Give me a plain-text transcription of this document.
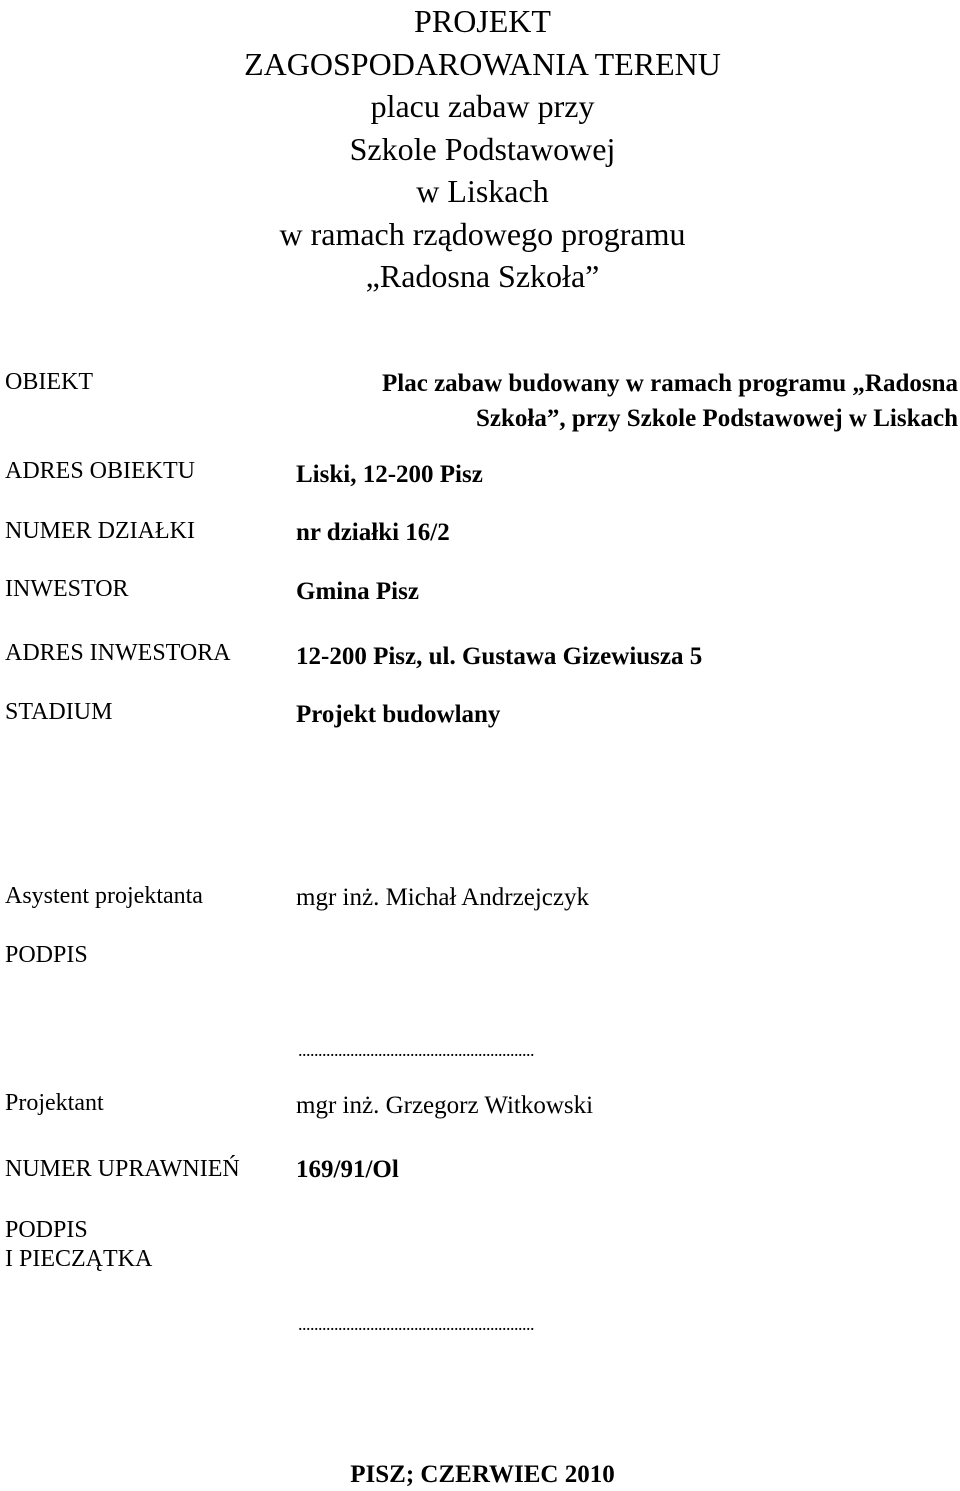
PROJEKT
ZAGOSPODAROWANIA TERENU
placu zabaw przy
Szkole Podstawowej
w Liskach
w ramach rządowego programu
„Radosna Szkoła”
OBIEKT	Plac zabaw budowany w ramach programu „Radosna
Szkoła”, przy Szkole Podstawowej w Liskach
ADRES OBIEKTU	Liski, 12-200 Pisz
NUMER DZIAŁKI	nr działki 16/2
INWESTOR	Gmina Pisz
ADRES INWESTORA	12-200 Pisz, ul. Gustawa Gizewiusza 5
STADIUM	Projekt budowlany
Asystent projektanta	mgr inż. Michał Andrzejczyk
PODPIS
...........................................................
Projektant	mgr inż. Grzegorz Witkowski
NUMER UPRAWNIEŃ 169/91/Ol
PODPIS
I PIECZĄTKA
...........................................................
PISZ; CZERWIEC 2010
